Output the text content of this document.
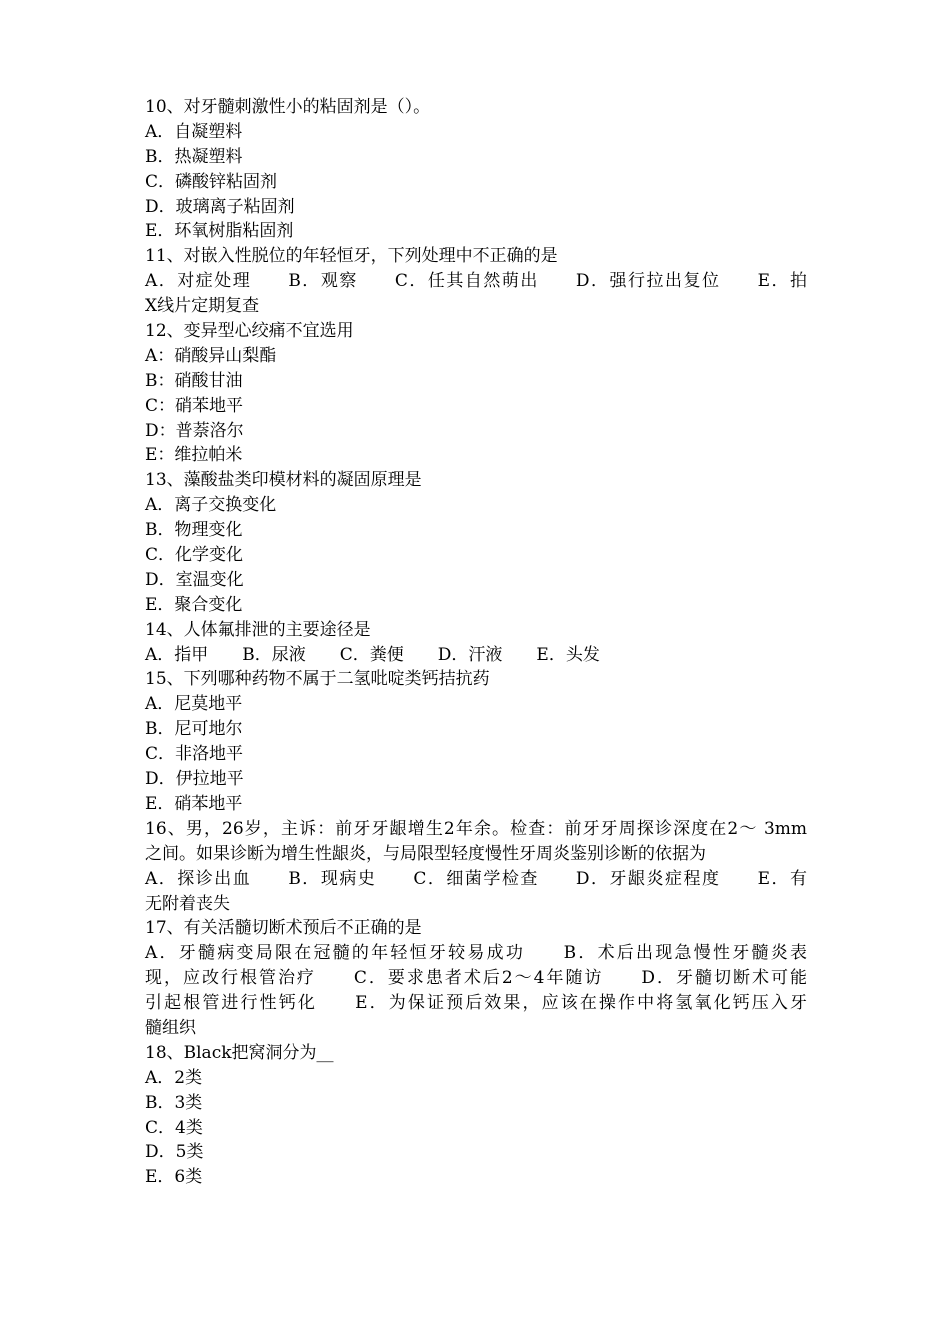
10、对牙髓刺激性小的粘固剂是（）。
A．自凝塑料
B．热凝塑料
C．磷酸锌粘固剂
D．玻璃离子粘固剂
E．环氧树脂粘固剂
11、对嵌入性脱位的年轻恒牙，下列处理中不正确的是
A．对症处理　　B．观察　　C．任其自然萌出　　D．强行拉出复位　　E．拍
X线片定期复查
12、变异型心绞痛不宜选用
A：硝酸异山梨酯
B：硝酸甘油
C：硝苯地平
D：普萘洛尔
E：维拉帕米
13、藻酸盐类印模材料的凝固原理是
A．离子交换变化
B．物理变化
C．化学变化
D．室温变化
E．聚合变化
14、人体氟排泄的主要途径是
A．指甲　　B．尿液　　C．粪便　　D．汗液　　E．头发
15、下列哪种药物不属于二氢吡啶类钙拮抗药
A．尼莫地平
B．尼可地尔
C．非洛地平
D．伊拉地平
E．硝苯地平
16、男，26岁，主诉：前牙牙龈增生2年余。检查：前牙牙周探诊深度在2～ 3mm
之间。如果诊断为增生性龈炎，与局限型轻度慢性牙周炎鉴别诊断的依据为
A．探诊出血　　B．现病史　　C．细菌学检查　　D．牙龈炎症程度　　E．有
无附着丧失
17、有关活髓切断术预后不正确的是
A．牙髓病变局限在冠髓的年轻恒牙较易成功　　B．术后出现急慢性牙髓炎表
现，应改行根管治疗　　C．要求患者术后2～4年随访　　D．牙髓切断术可能
引起根管进行性钙化　　E．为保证预后效果，应该在操作中将氢氧化钙压入牙
髓组织
18、Black把窝洞分为__
A．2类
B．3类
C．4类
D．5类
E．6类
